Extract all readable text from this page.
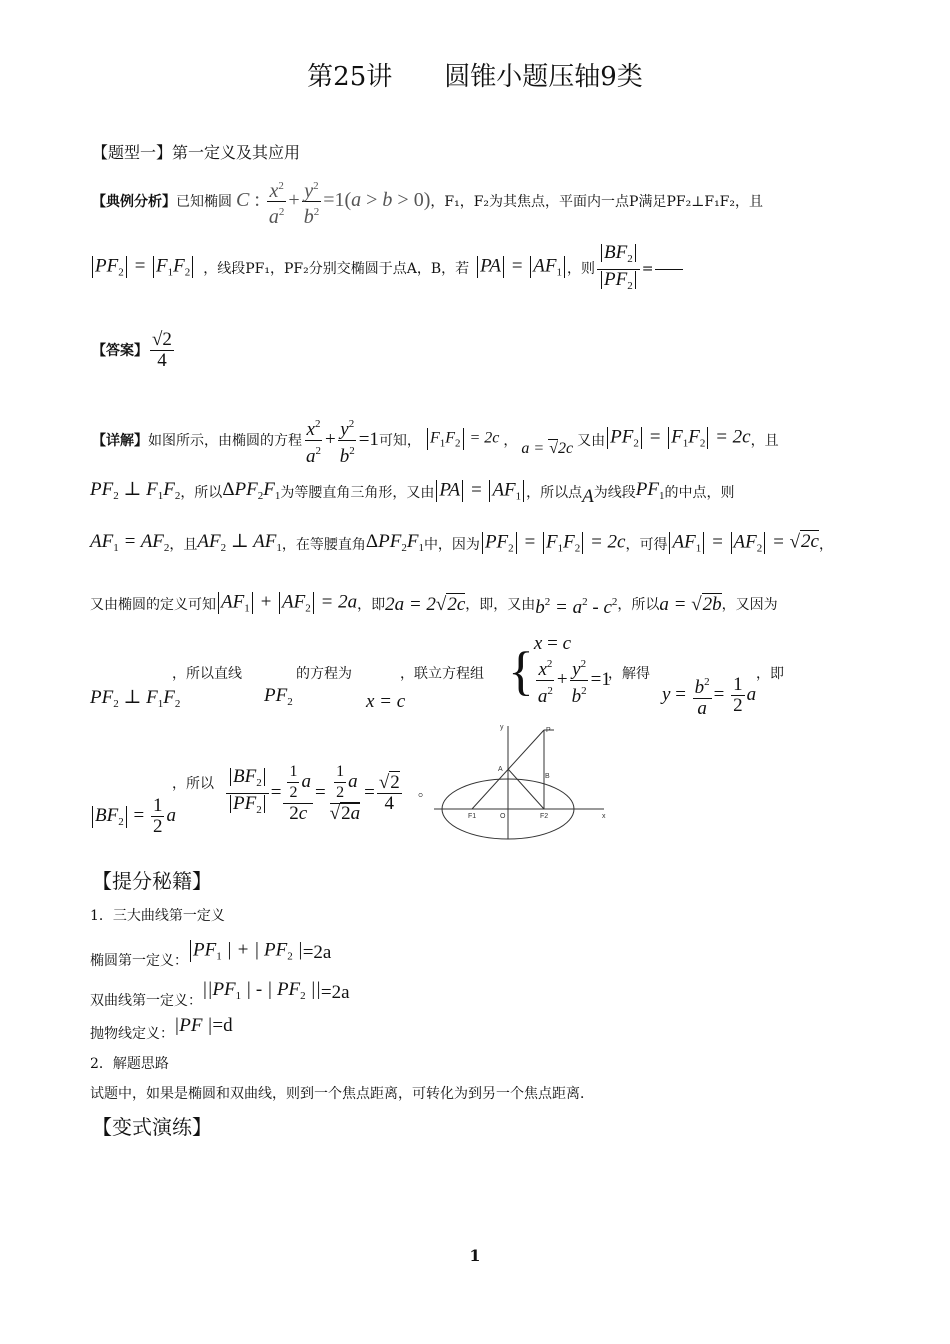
第25讲　　圆锥小题压轴9类
【题型一】第一定义及其应用
【典例分析】 已知椭圆 C : $\frac{x^2}{a^2} + \frac{y^2}{b^2} =1(a > b > 0)$ ，F₁，F₂为其焦点，平面内一点P满足PF₂⊥F₁F₂，且
$PF_2 = F_1F_2$ ，线段PF₁，PF₂分别交椭圆于点A，B，若 PA = $AF_1$ ，则 $\frac{BF_2}{PF_2}$ =
【答案】 $\frac{√2}{4}$
【详解】 如图所示，由椭圆的方程 $\frac{x^2}{a^2} + \frac{y^2}{b^2} =1$ 可知， $F_1F_2 = 2c$ ， a = √2c 又由 $PF_2 = F_1F_2 = 2c$ ，且
$PF_2$ ⊥ $F_1F_2$ ，所以 $\Delta PF_2F_1$ 为等腰直角三角形，又由 PA = $AF_1$ ，所以点 A 为线段 $PF_1$ 的中点，则
$AF_1 = AF_2$ ，且 $AF_2$ ⊥ $AF_1$ ，在等腰直角 $\Delta PF_2F_1$ 中，因为 $PF_2 = F_1F_2 = 2c$ ，可得 $AF_1 = AF_2 = √2c$ ，
又由椭圆的定义可知 $AF_1 + AF_2 = 2a$ ，即 2a = 2√2c ，即，又由 $b^2 = a^2 - c^2$ ，所以 a = √2b ，又因为
$PF_2$ ⊥ $F_1F_2$
，所以直线
$PF_2$
的方程为
x = c
，联立方程组 { x = c
$\frac{x^2}{a^2} + \frac{y^2}{b^2} =1$
，解得
$y = \frac{b^2}{a} = \frac{1}{2}$ a
，即
$BF_2 = \frac{1}{2}$ a
，所以 $\frac{BF_2}{PF_2} = \frac{\frac{1}{2} a}{2c} = \frac{\frac{1}{2} a}{√2a} = \frac{√2}{4}$ 。
P
A
B
O
F1	F2
y
x
【提分秘籍】
1．三大曲线第一定义
椭圆第一定义：
$PF_1$ | + | $PF_2$ | =2a
双曲线第一定义：
$||PF_1$ | - | $PF_2$ || =2a
抛物线定义： |PF | =d
2．解题思路
试题中，如果是椭圆和双曲线，则到一个焦点距离，可转化为到另一个焦点距离．
【变式演练】
1
